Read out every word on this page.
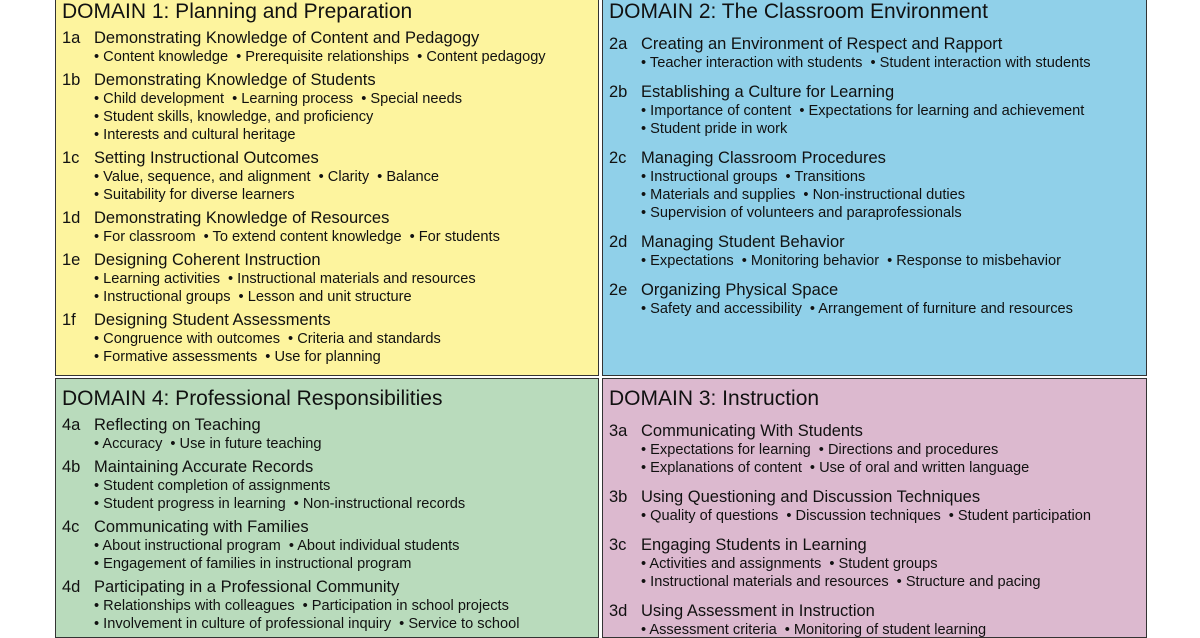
DOMAIN 1: Planning and Preparation
1a Demonstrating Knowledge of Content and Pedagogy
• Content knowledge • Prerequisite relationships • Content pedagogy
1b Demonstrating Knowledge of Students
• Child development • Learning process • Special needs
• Student skills, knowledge, and proficiency
• Interests and cultural heritage
1c Setting Instructional Outcomes
• Value, sequence, and alignment • Clarity • Balance
• Suitability for diverse learners
1d Demonstrating Knowledge of Resources
• For classroom • To extend content knowledge • For students
1e Designing Coherent Instruction
• Learning activities • Instructional materials and resources
• Instructional groups • Lesson and unit structure
1f Designing Student Assessments
• Congruence with outcomes • Criteria and standards
• Formative assessments • Use for planning
DOMAIN 2: The Classroom Environment
2a Creating an Environment of Respect and Rapport
• Teacher interaction with students • Student interaction with students
2b Establishing a Culture for Learning
• Importance of content • Expectations for learning and achievement
• Student pride in work
2c Managing Classroom Procedures
• Instructional groups • Transitions
• Materials and supplies • Non-instructional duties
• Supervision of volunteers and paraprofessionals
2d Managing Student Behavior
• Expectations • Monitoring behavior • Response to misbehavior
2e Organizing Physical Space
• Safety and accessibility • Arrangement of furniture and resources
DOMAIN 4: Professional Responsibilities
4a Reflecting on Teaching
• Accuracy • Use in future teaching
4b Maintaining Accurate Records
• Student completion of assignments
• Student progress in learning • Non-instructional records
4c Communicating with Families
• About instructional program • About individual students
• Engagement of families in instructional program
4d Participating in a Professional Community
• Relationships with colleagues • Participation in school projects
• Involvement in culture of professional inquiry • Service to school
DOMAIN 3: Instruction
3a Communicating With Students
• Expectations for learning • Directions and procedures
• Explanations of content • Use of oral and written language
3b Using Questioning and Discussion Techniques
• Quality of questions • Discussion techniques • Student participation
3c Engaging Students in Learning
• Activities and assignments • Student groups
• Instructional materials and resources • Structure and pacing
3d Using Assessment in Instruction
• Assessment criteria • Monitoring of student learning
